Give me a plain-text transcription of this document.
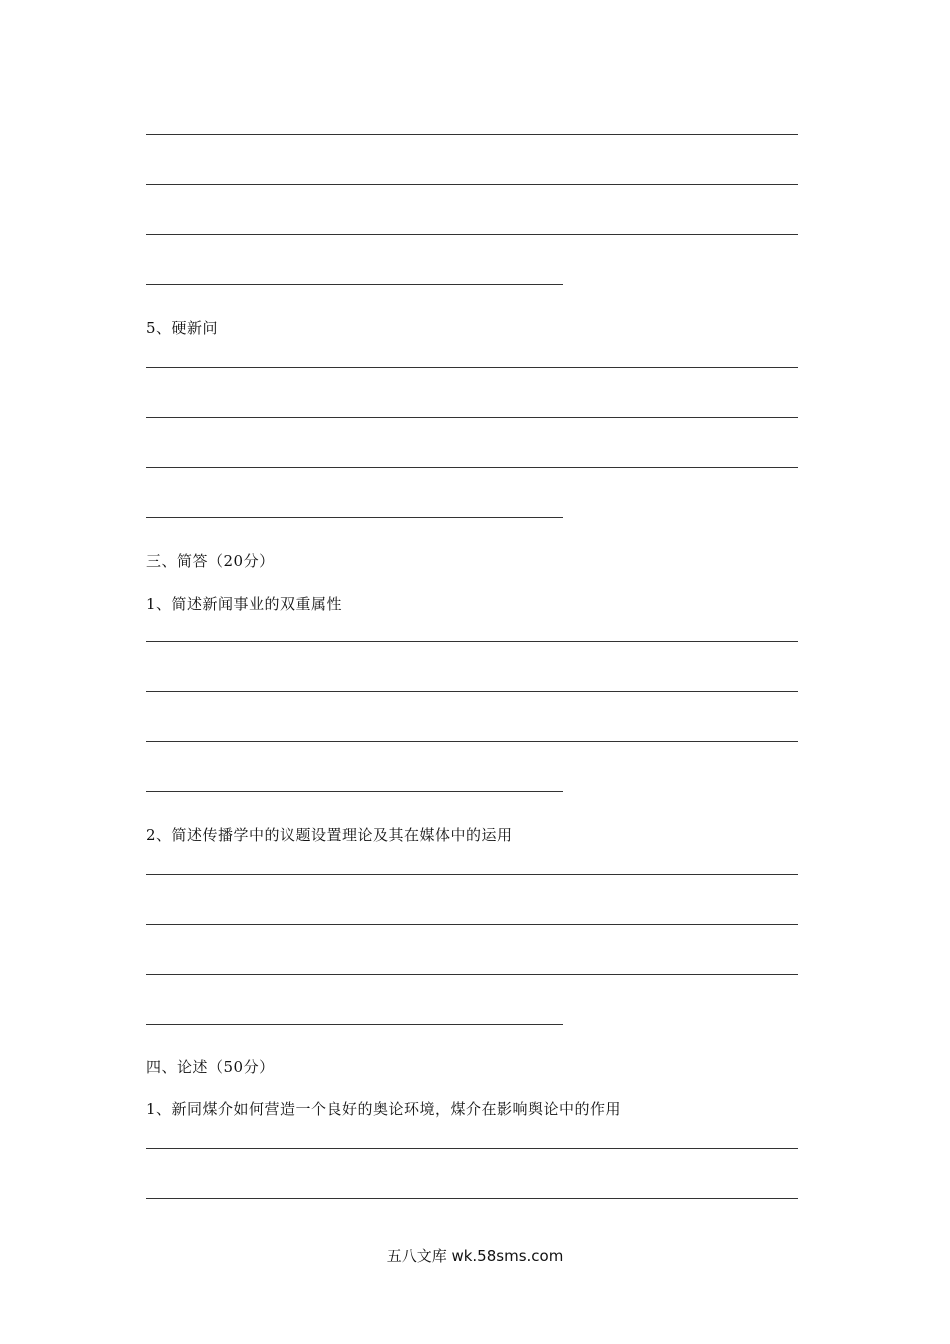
5、硬新问
三、简答（20分）
1、简述新闻事业的双重属性
2、简述传播学中的议题设置理论及其在媒体中的运用
四、论述（50分）
1、新同煤介如何营造一个良好的奥论环境，煤介在影响舆论中的作用
五八文库 wk.58sms.com
